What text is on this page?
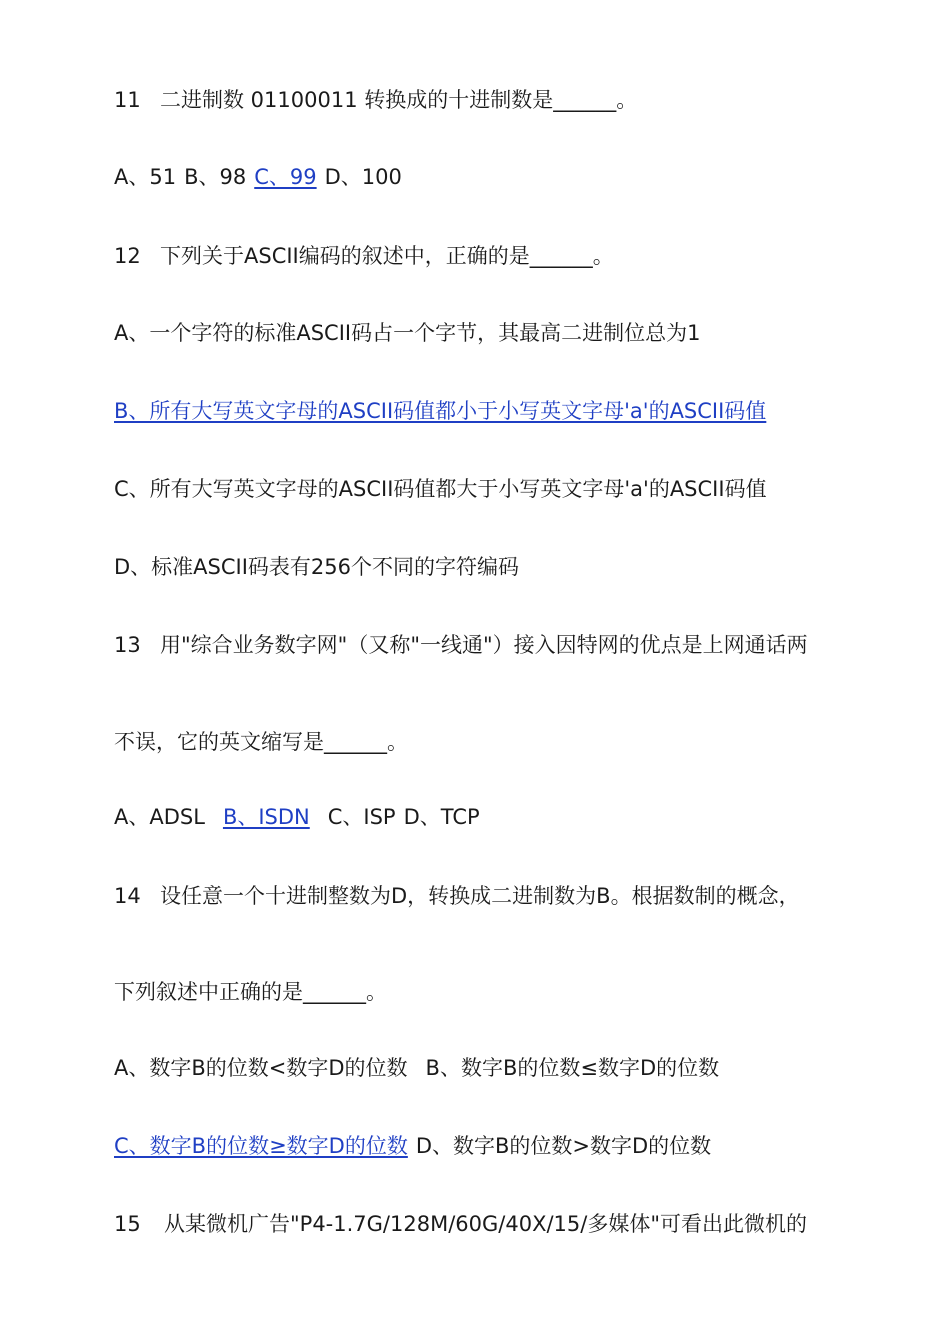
11 二进制数 01100011 转换成的十进制数是______。
A、51 B、98 C、99 D、100
12 下列关于ASCII编码的叙述中，正确的是______。
A、一个字符的标准ASCII码占一个字节，其最高二进制位总为1
B、所有大写英文字母的ASCII码值都小于小写英文字母'a'的ASCII码值
C、所有大写英文字母的ASCII码值都大于小写英文字母'a'的ASCII码值
D、标准ASCII码表有256个不同的字符编码
13 用"综合业务数字网"（又称"一线通"）接入因特网的优点是上网通话两
不误，它的英文缩写是______。
A、ADSL B、ISDN C、ISP D、TCP
14 设任意一个十进制整数为D，转换成二进制数为B。根据数制的概念，
下列叙述中正确的是______。
A、数字B的位数<数字D的位数 B、数字B的位数≤数字D的位数
C、数字B的位数≥数字D的位数 D、数字B的位数>数字D的位数
15 从某微机广告"P4-1.7G/128M/60G/40X/15/多媒体"可看出此微机的
